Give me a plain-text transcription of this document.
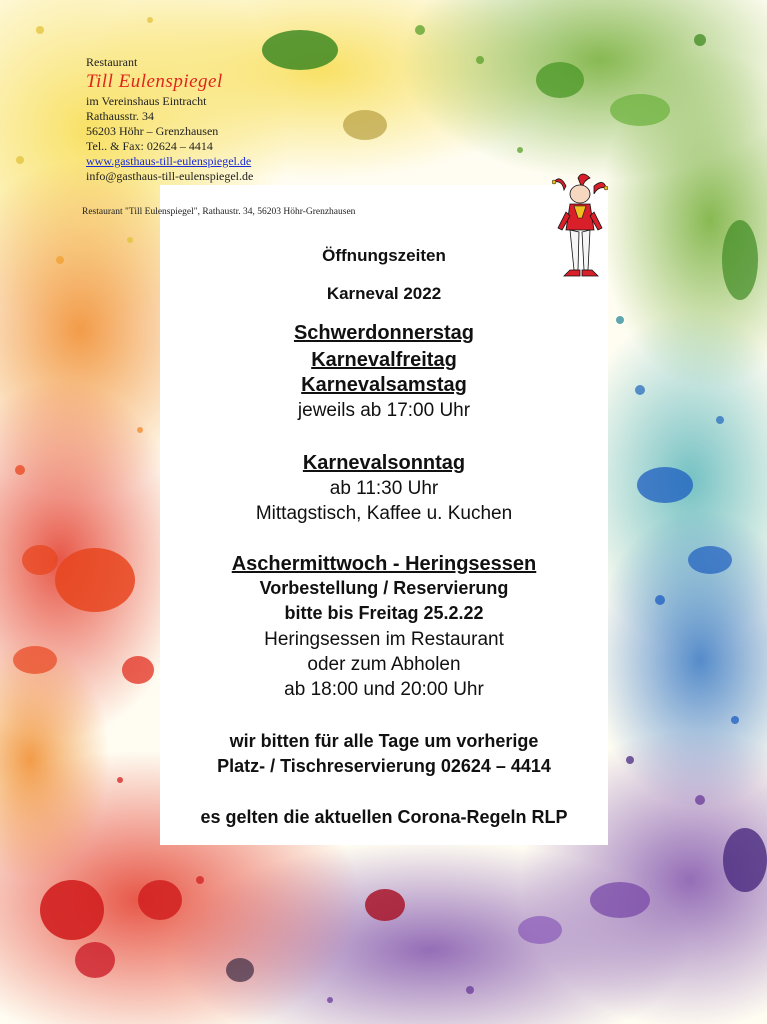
Restaurant
Till Eulenspiegel
im Vereinshaus Eintracht
Rathausstr. 34
56203 Höhr – Grenzhausen
Tel.. & Fax: 02624 – 4414
www.gasthaus-till-eulenspiegel.de
info@gasthaus-till-eulenspiegel.de
Restaurant "Till Eulenspiegel", Rathaustr. 34, 56203 Höhr-Grenzhausen
Öffnungszeiten
Karneval 2022
Schwerdonnerstag
Karnevalfreitag
Karnevalsamstag
jeweils ab 17:00 Uhr
Karnevalsonntag
ab 11:30 Uhr
Mittagstisch, Kaffee u. Kuchen
Aschermittwoch - Heringsessen
Vorbestellung / Reservierung
bitte bis Freitag 25.2.22
Heringsessen im Restaurant
oder zum Abholen
ab 18:00 und 20:00 Uhr
wir bitten für alle Tage um vorherige
Platz- / Tischreservierung 02624 – 4414
es gelten die aktuellen Corona-Regeln RLP
